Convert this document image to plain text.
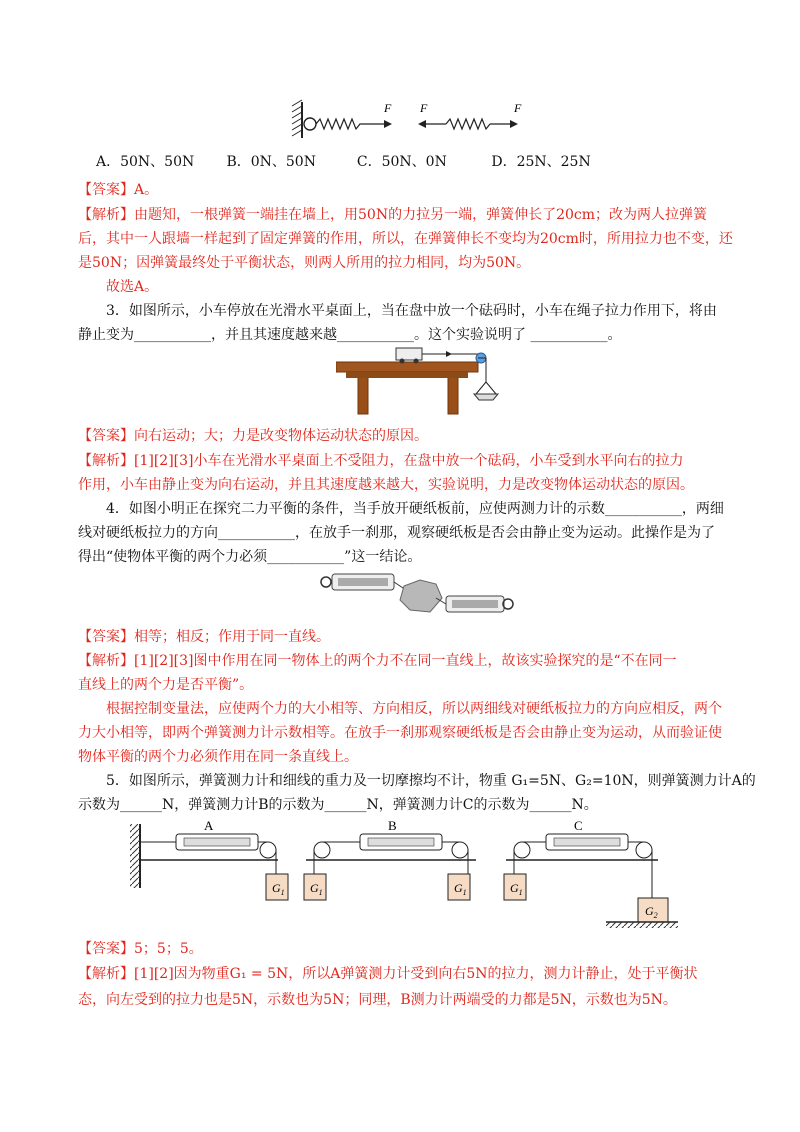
F F	F
A．50N、50N B．0N、50N	C．50N、0N	D．25N、25N
【答案】A。
【解析】由题知，一根弹簧一端挂在墙上，用50N的力拉另一端，弹簧伸长了20cm；改为两人拉弹簧
后，其中一人跟墙一样起到了固定弹簧的作用，所以，在弹簧伸长不变均为20cm时，所用拉力也不变，还
是50N；因弹簧最终处于平衡状态，则两人所用的拉力相同，均为50N。
故选A。
3．如图所示，小车停放在光滑水平桌面上，当在盘中放一个砝码时，小车在绳子拉力作用下，将由
静止变为___________，并且其速度越来越___________。这个实验说明了 ___________。
【答案】向右运动；大；力是改变物体运动状态的原因。
【解析】[1][2][3]小车在光滑水平桌面上不受阻力，在盘中放一个砝码，小车受到水平向右的拉力
作用，小车由静止变为向右运动，并且其速度越来越大，实验说明，力是改变物体运动状态的原因。
4．如图小明正在探究二力平衡的条件，当手放开硬纸板前，应使两测力计的示数___________，两细
线对硬纸板拉力的方向___________，在放手一刹那，观察硬纸板是否会由静止变为运动。此操作是为了
得出“使物体平衡的两个力必须___________”这一结论。
【答案】相等；相反；作用于同一直线。
【解析】[1][2][3]图中作用在同一物体上的两个力不在同一直线上，故该实验探究的是“不在同一
直线上的两个力是否平衡”。
根据控制变量法，应使两个力的大小相等、方向相反，所以两细线对硬纸板拉力的方向应相反，两个
力大小相等，即两个弹簧测力计示数相等。在放手一刹那观察硬纸板是否会由静止变为运动，从而验证使
物体平衡的两个力必须作用在同一条直线上。
5．如图所示，弹簧测力计和细线的重力及一切摩擦均不计，物重 G₁=5N、G₂=10N，则弹簧测力计A的
示数为______N，弹簧测力计B的示数为______N，弹簧测力计C的示数为______N。
$G_1$
A
$G_1$	$G_1$
B
$G_1$
$G_2$
C
【答案】5；5；5。
【解析】[1][2]因为物重G₁ = 5N，所以A弹簧测力计受到向右5N的拉力，测力计静止，处于平衡状
态，向左受到的拉力也是5N，示数也为5N；同理，B测力计两端受的力都是5N，示数也为5N。
